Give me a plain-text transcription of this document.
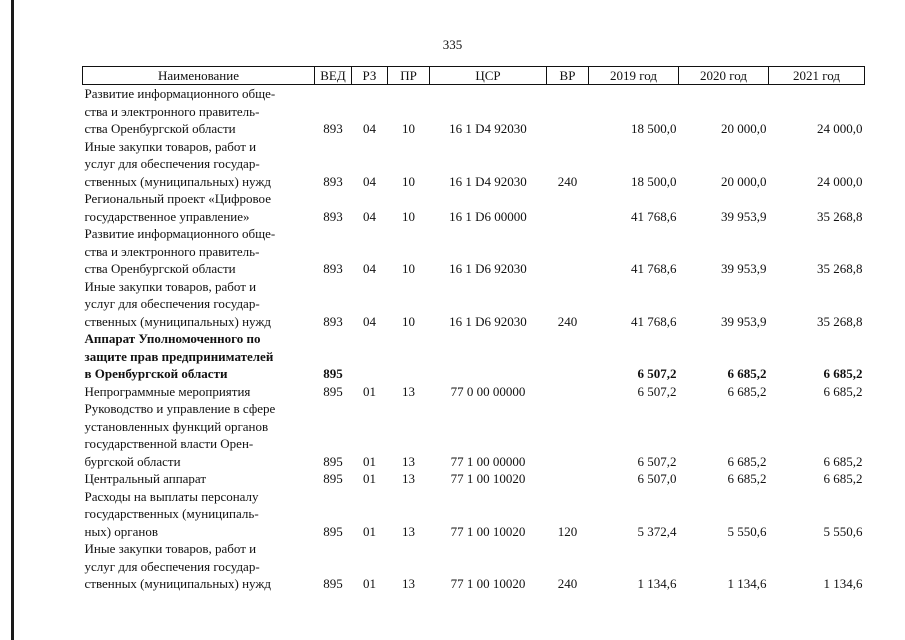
335
Наименование	ВЕД	РЗ	ПР	ЦСР	ВР	2019 год	2020 год	2021 год
Развитие информационного обще-
ства и электронного правитель-
ства Оренбургской области	893	04	10	16 1 D4 92030		18 500,0	20 000,0	24 000,0
Иные закупки товаров, работ и
услуг для обеспечения государ-
ственных (муниципальных) нужд	893	04	10	16 1 D4 92030	240	18 500,0	20 000,0	24 000,0
Региональный проект «Цифровое
государственное управление»	893	04	10	16 1 D6 00000		41 768,6	39 953,9	35 268,8
Развитие информационного обще-
ства и электронного правитель-
ства Оренбургской области	893	04	10	16 1 D6 92030		41 768,6	39 953,9	35 268,8
Иные закупки товаров, работ и
услуг для обеспечения государ-
ственных (муниципальных) нужд	893	04	10	16 1 D6 92030	240	41 768,6	39 953,9	35 268,8
Аппарат Уполномоченного по
защите прав предпринимателей
в Оренбургской области	895					6 507,2	6 685,2	6 685,2
Непрограммные мероприятия	895	01	13	77 0 00 00000		6 507,2	6 685,2	6 685,2
Руководство и управление в сфере
установленных функций органов
государственной власти Орен-
бургской области	895	01	13	77 1 00 00000		6 507,2	6 685,2	6 685,2
Центральный аппарат	895	01	13	77 1 00 10020		6 507,0	6 685,2	6 685,2
Расходы на выплаты персоналу
государственных (муниципаль-
ных) органов	895	01	13	77 1 00 10020	120	5 372,4	5 550,6	5 550,6
Иные закупки товаров, работ и
услуг для обеспечения государ-
ственных (муниципальных) нужд	895	01	13	77 1 00 10020	240	1 134,6	1 134,6	1 134,6
